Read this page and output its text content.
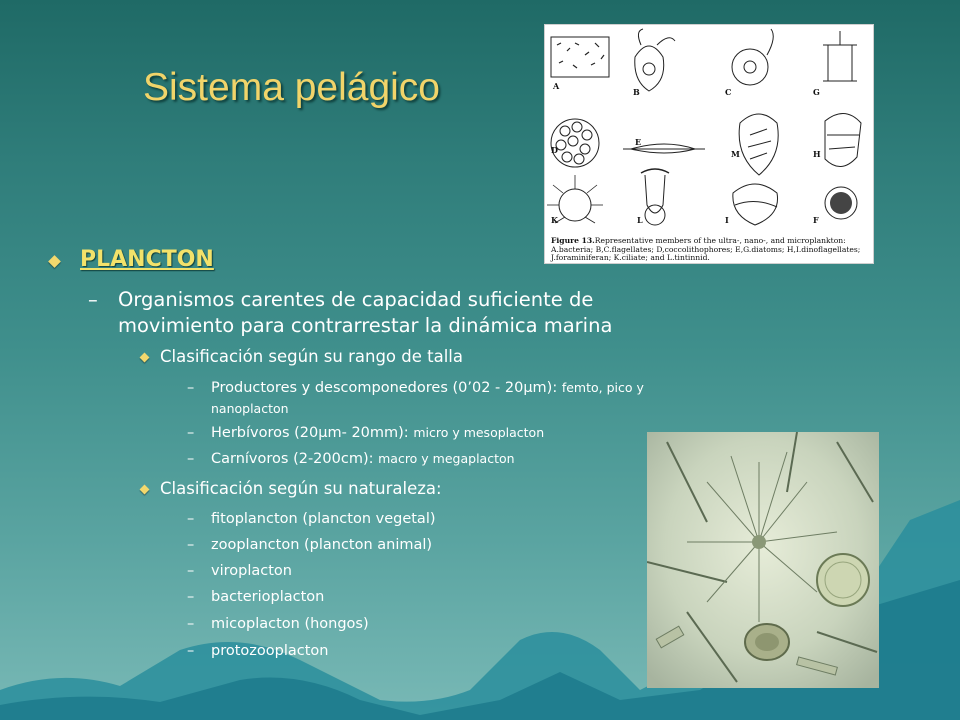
Sistema pelágico	A
B	C	G
D
E
M	H
K	L	I	F
Figure 13.Representative members of the ultra-, nano-, and microplankton: A.bacteria; B,C.flagellates; D,coccolithophores; E,G.diatoms; H,I.dinoflagellates; J.foraminiferan; K.ciliate; and L.tintinnid.
PLANCTON
– Organismos carentes de capacidad suficiente de
movimiento para contrarrestar la dinámica marina
Clasificación según su rango de talla
– Productores y descomponedores (0’02 - 20μm): femto, pico y
nanoplacton
– Herbívoros (20μm- 20mm): micro y mesoplacton
– Carnívoros (2-200cm): macro y megaplacton
Clasificación según su naturaleza:
– fitoplancton (plancton vegetal)
– zooplancton (plancton animal)
– viroplacton
– bacterioplacton
– micoplacton (hongos)
– protozooplacton
